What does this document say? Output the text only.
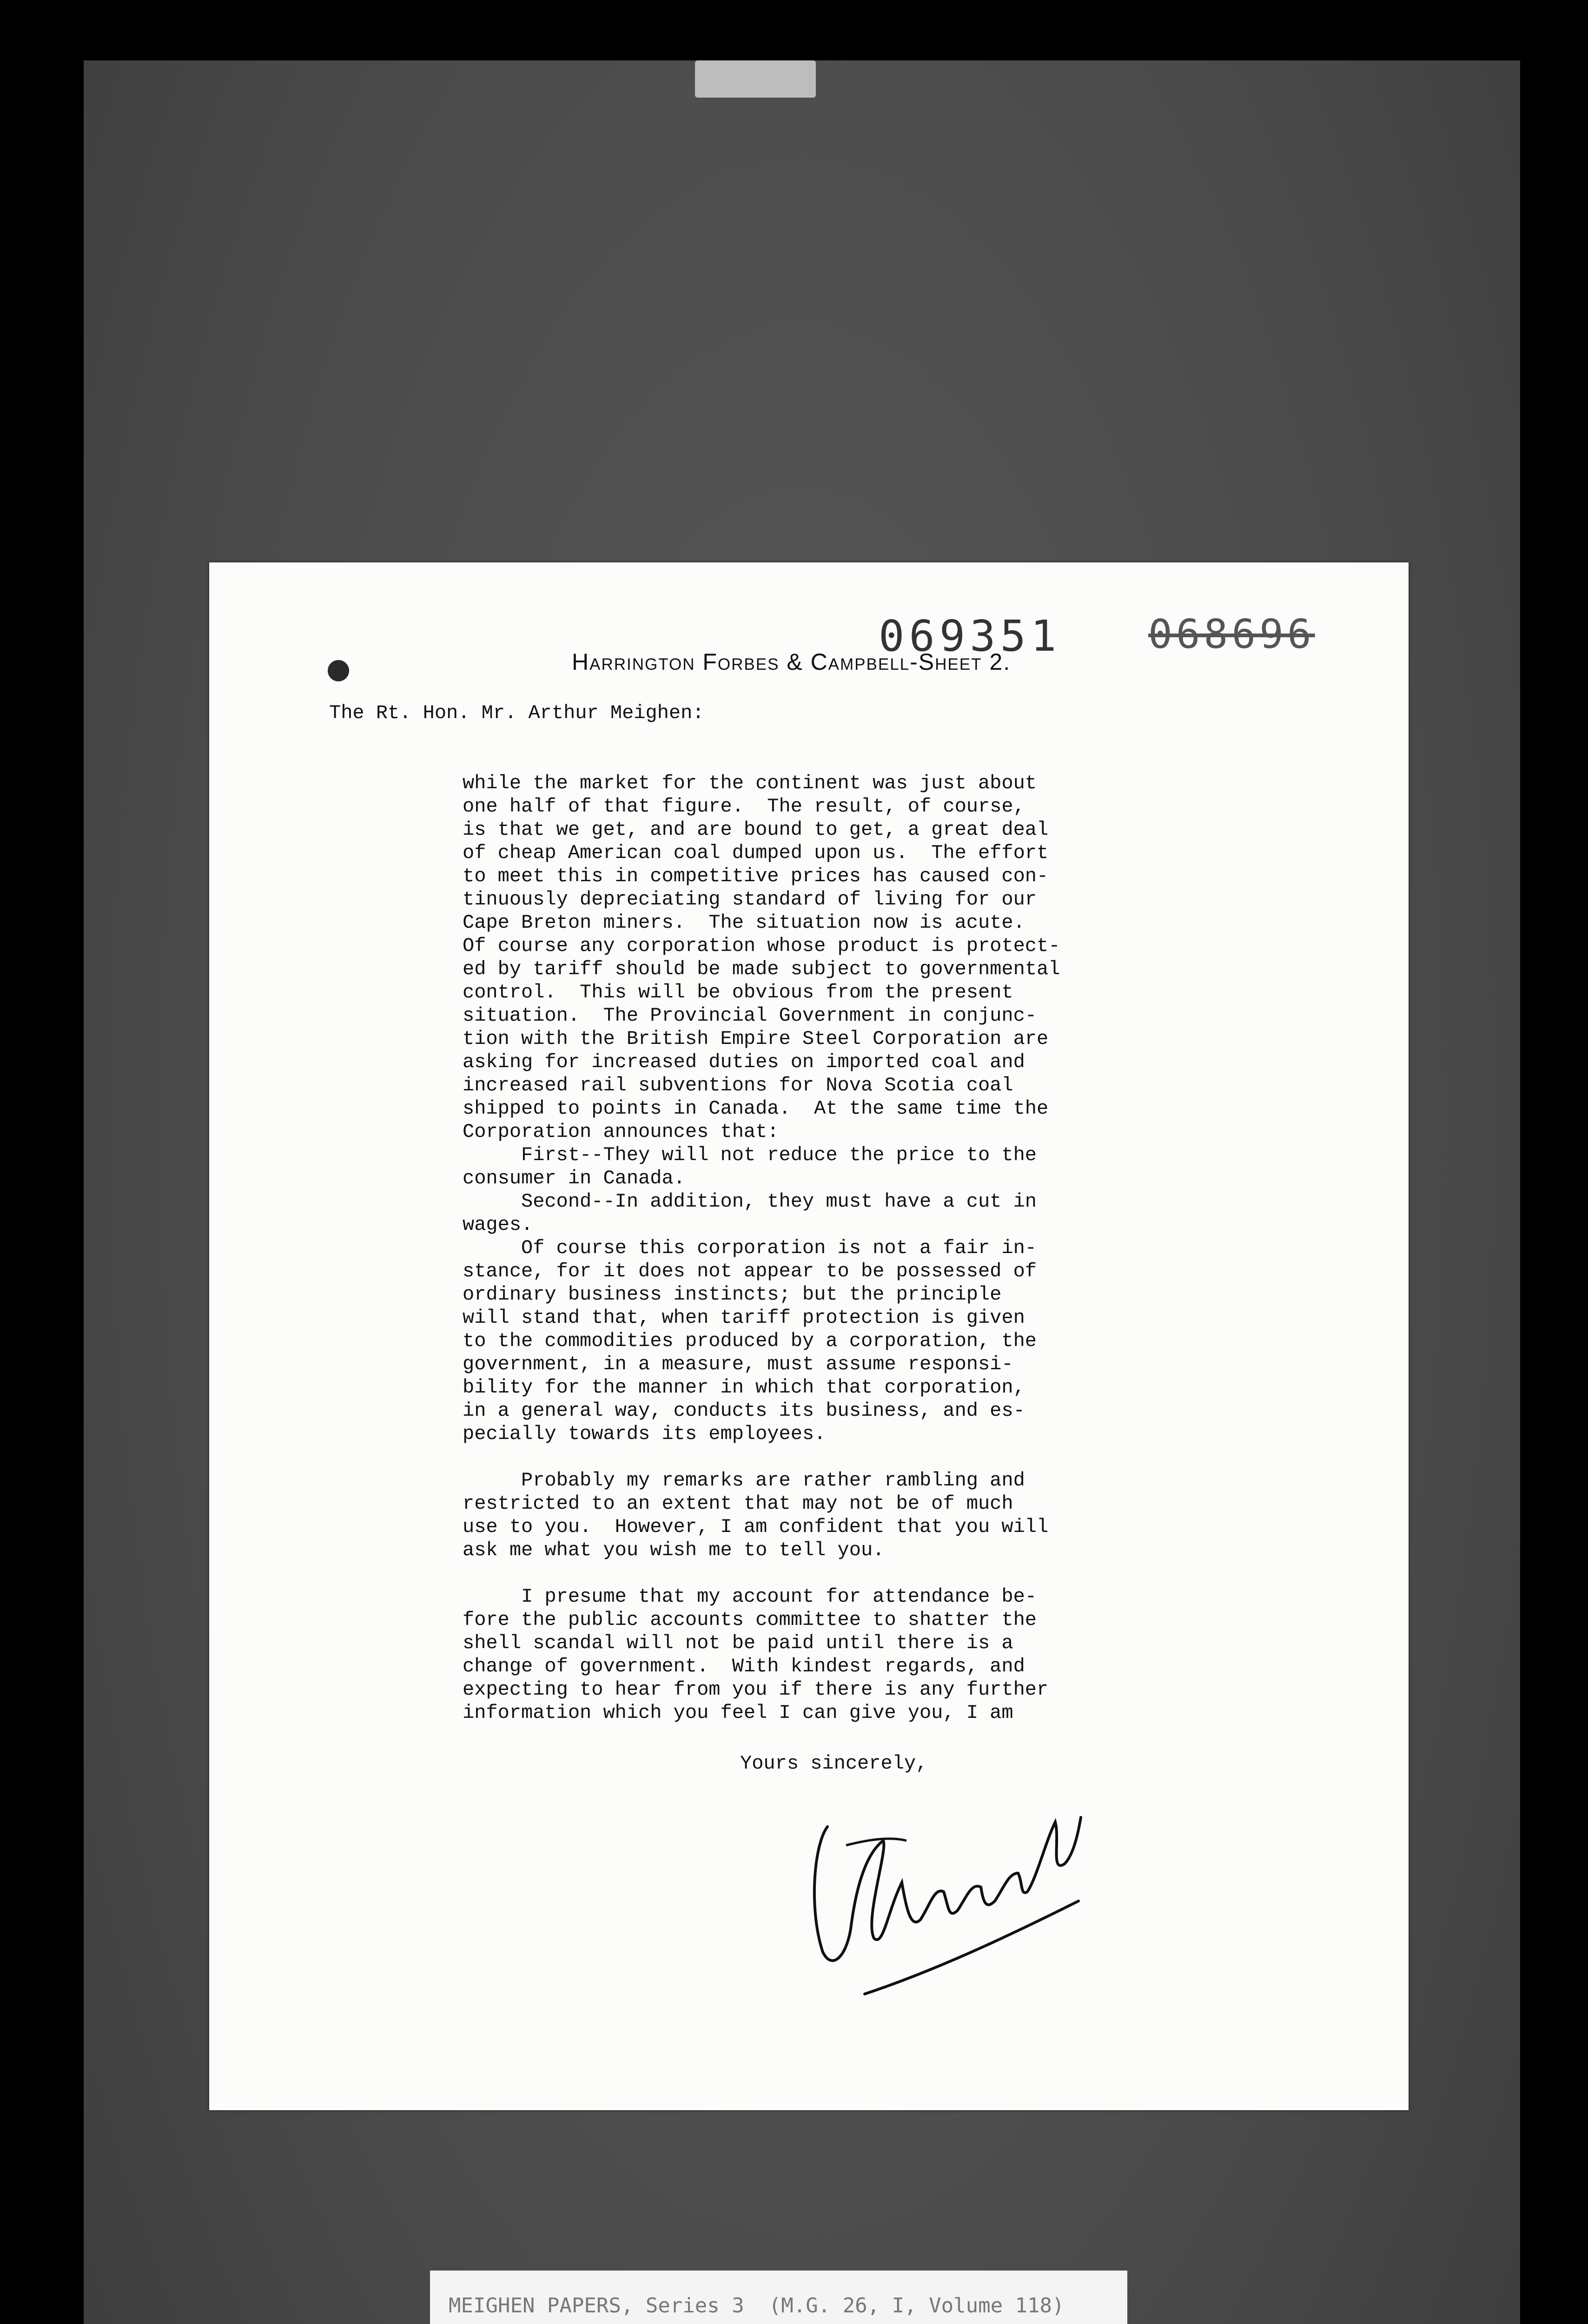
069351 068696
Harrington Forbes & Campbell-Sheet 2.
The Rt. Hon. Mr. Arthur Meighen:
while the market for the continent was just about
one half of that figure.  The result, of course,
is that we get, and are bound to get, a great deal
of cheap American coal dumped upon us.  The effort
to meet this in competitive prices has caused con-
tinuously depreciating standard of living for our
Cape Breton miners.  The situation now is acute.
Of course any corporation whose product is protect-
ed by tariff should be made subject to governmental
control.  This will be obvious from the present
situation.  The Provincial Government in conjunc-
tion with the British Empire Steel Corporation are
asking for increased duties on imported coal and
increased rail subventions for Nova Scotia coal
shipped to points in Canada.  At the same time the
Corporation announces that:
First--They will not reduce the price to the
consumer in Canada.
Second--In addition, they must have a cut in
wages.
Of course this corporation is not a fair in-
stance, for it does not appear to be possessed of
ordinary business instincts; but the principle
will stand that, when tariff protection is given
to the commodities produced by a corporation, the
government, in a measure, must assume responsi-
bility for the manner in which that corporation,
in a general way, conducts its business, and es-
pecially towards its employees.
Probably my remarks are rather rambling and
restricted to an extent that may not be of much
use to you.  However, I am confident that you will
ask me what you wish me to tell you.
I presume that my account for attendance be-
fore the public accounts committee to shatter the
shell scandal will not be paid until there is a
change of government.  With kindest regards, and
expecting to hear from you if there is any further
information which you feel I can give you, I am
Yours sincerely,
MEIGHEN PAPERS, Series 3  (M.G. 26, I, Volume 118)
